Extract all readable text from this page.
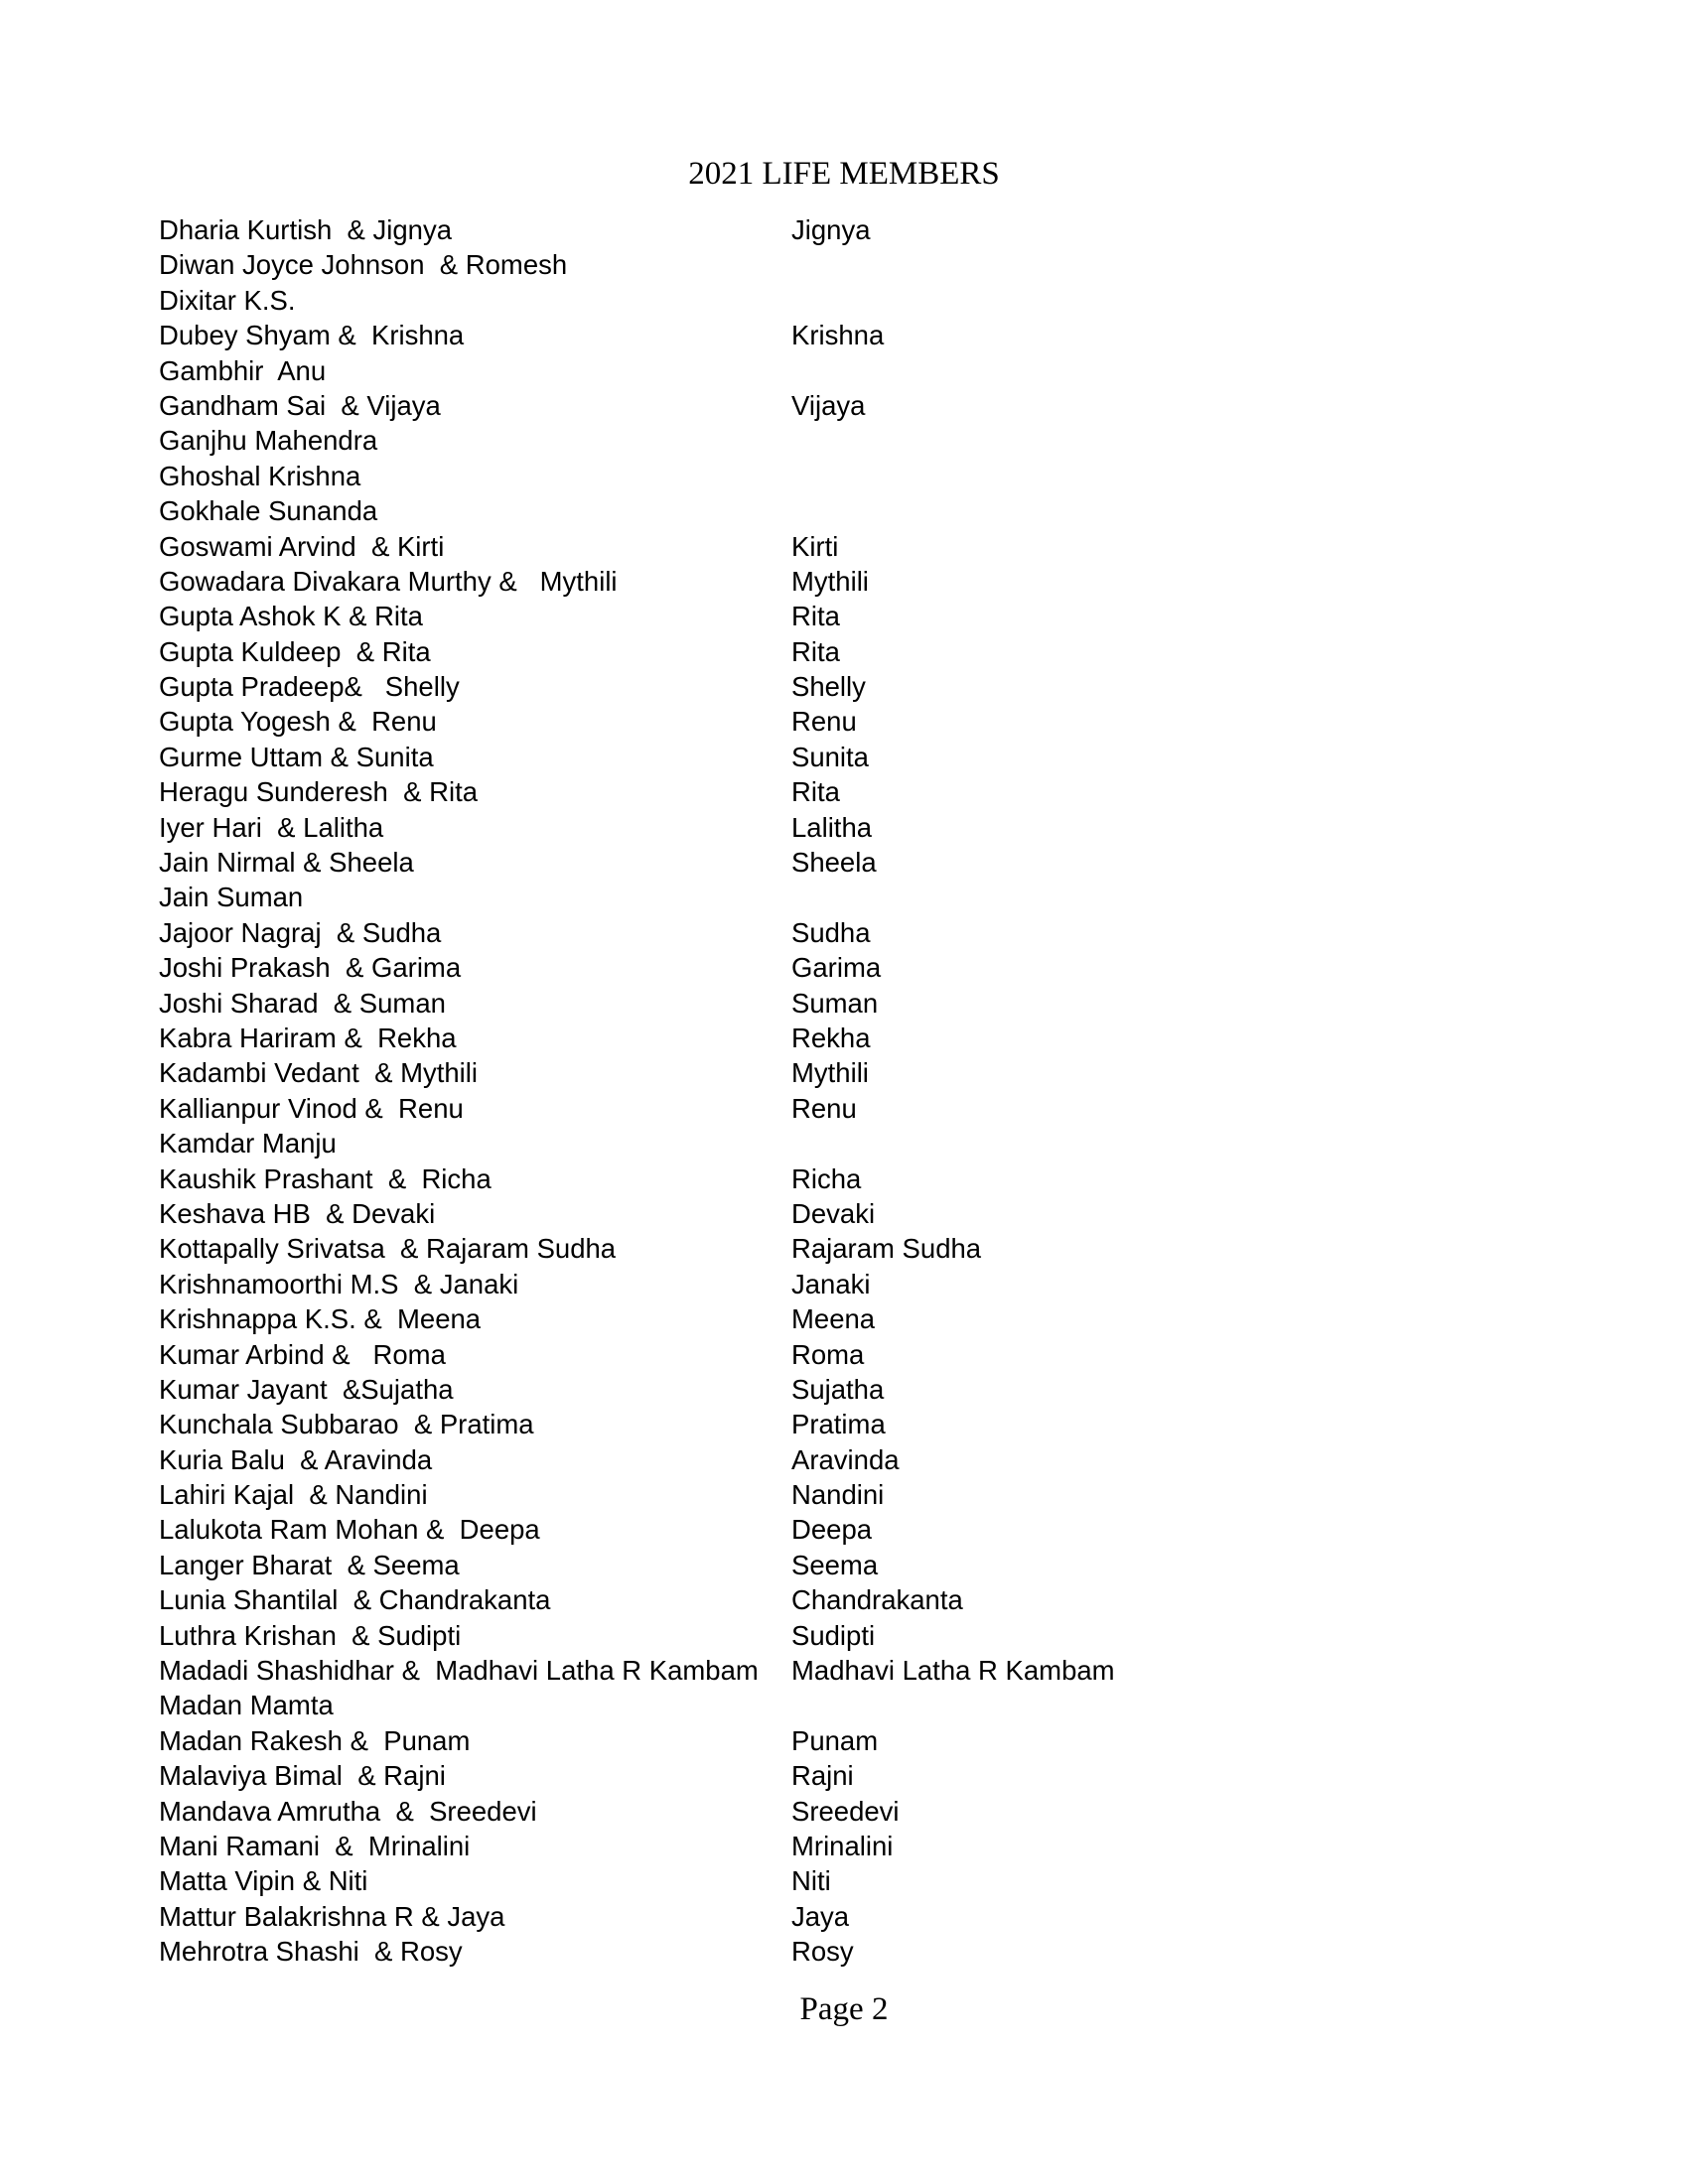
2021 LIFE MEMBERS
Dharia Kurtish  & Jignya	Jignya
Diwan Joyce Johnson  & Romesh
Dixitar K.S.
Dubey Shyam &  Krishna	Krishna
Gambhir  Anu
Gandham Sai  & Vijaya	Vijaya
Ganjhu Mahendra
Ghoshal Krishna
Gokhale Sunanda
Goswami Arvind  & Kirti	Kirti
Gowadara Divakara Murthy &   Mythili	Mythili
Gupta Ashok K & Rita	Rita
Gupta Kuldeep  & Rita	Rita
Gupta Pradeep&   Shelly	Shelly
Gupta Yogesh &  Renu	Renu
Gurme Uttam & Sunita	Sunita
Heragu Sunderesh  & Rita	Rita
Iyer Hari  & Lalitha	Lalitha
Jain Nirmal & Sheela	Sheela
Jain Suman
Jajoor Nagraj  & Sudha	Sudha
Joshi Prakash  & Garima	Garima
Joshi Sharad  & Suman	Suman
Kabra Hariram &  Rekha	Rekha
Kadambi Vedant  & Mythili	Mythili
Kallianpur Vinod &  Renu	Renu
Kamdar Manju
Kaushik Prashant  &  Richa	Richa
Keshava HB  & Devaki	Devaki
Kottapally Srivatsa  & Rajaram Sudha	Rajaram Sudha
Krishnamoorthi M.S  & Janaki	Janaki
Krishnappa K.S. &  Meena	Meena
Kumar Arbind &   Roma	Roma
Kumar Jayant  &Sujatha	Sujatha
Kunchala Subbarao  & Pratima	Pratima
Kuria Balu  & Aravinda	Aravinda
Lahiri Kajal  & Nandini	Nandini
Lalukota Ram Mohan &  Deepa	Deepa
Langer Bharat  & Seema	Seema
Lunia Shantilal  & Chandrakanta	Chandrakanta
Luthra Krishan  & Sudipti	Sudipti
Madadi Shashidhar &  Madhavi Latha R Kambam	Madhavi Latha R Kambam
Madan Mamta
Madan Rakesh &  Punam	Punam
Malaviya Bimal  & Rajni	Rajni
Mandava Amrutha  &  Sreedevi	Sreedevi
Mani Ramani  &  Mrinalini	Mrinalini
Matta Vipin & Niti	Niti
Mattur Balakrishna R & Jaya	Jaya
Mehrotra Shashi  & Rosy	Rosy
Page 2
